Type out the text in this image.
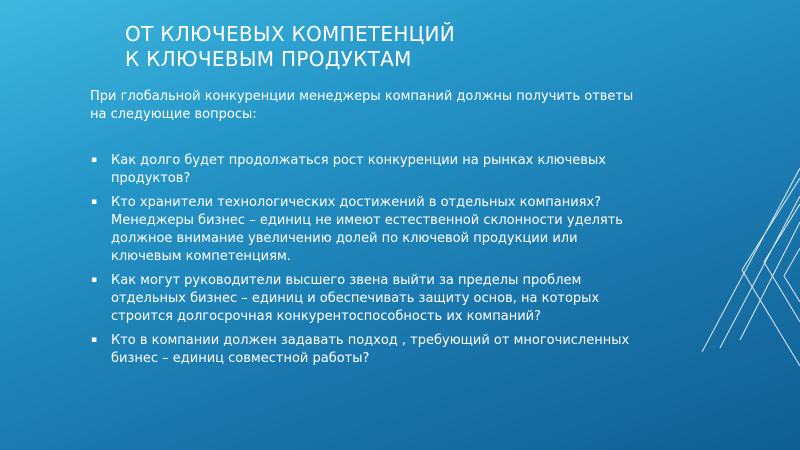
ОТ КЛЮЧЕВЫХ КОМПЕТЕНЦИЙ
К КЛЮЧЕВЫМ ПРОДУКТАМ

При глобальной конкуренции менеджеры компаний должны получить ответы на следующие вопросы:

▪ Как долго будет продолжаться рост конкуренции на рынках ключевых продуктов?
▪ Кто хранители технологических достижений в отдельных компаниях? Менеджеры бизнес – единиц не имеют естественной склонности уделять должное внимание увеличению долей по ключевой продукции или ключевым компетенциям.
▪ Как могут руководители высшего звена выйти за пределы проблем отдельных бизнес – единиц и обеспечивать защиту основ, на которых строится долгосрочная конкурентоспособность их компаний?
▪ Кто в компании должен задавать подход , требующий от многочисленных бизнес – единиц совместной работы?
